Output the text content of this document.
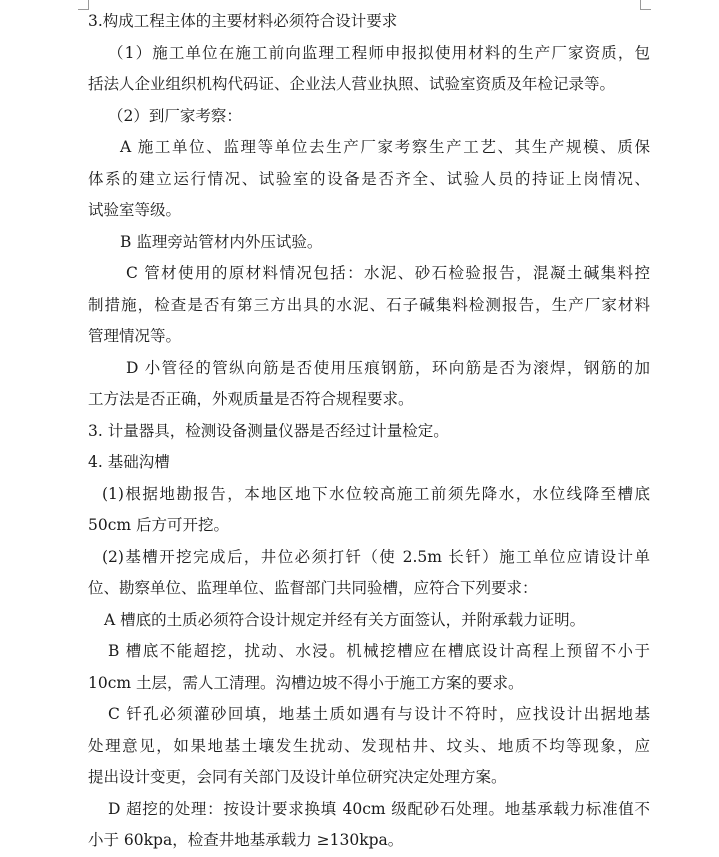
3.构成工程主体的主要材料必须符合设计要求
（1）施工单位在施工前向监理工程师申报拟使用材料的生产厂家资质，包
括法人企业组织机构代码证、企业法人营业执照、试验室资质及年检记录等。
（2）到厂家考察：
A 施工单位、监理等单位去生产厂家考察生产工艺、其生产规模、质保
体系的建立运行情况、试验室的设备是否齐全、试验人员的持证上岗情况、
试验室等级。
B 监理旁站管材内外压试验。
C 管材使用的原材料情况包括：水泥、砂石检验报告，混凝土碱集料控
制措施，检查是否有第三方出具的水泥、石子碱集料检测报告，生产厂家材料
管理情况等。
D 小管径的管纵向筋是否使用压痕钢筋，环向筋是否为滚焊，钢筋的加
工方法是否正确，外观质量是否符合规程要求。
3. 计量器具，检测设备测量仪器是否经过计量检定。
4. 基础沟槽
(1)根据地勘报告，本地区地下水位较高施工前须先降水，水位线降至槽底
50cm 后方可开挖。
(2)基槽开挖完成后，井位必须打钎（使 2.5m 长钎）施工单位应请设计单
位、勘察单位、监理单位、监督部门共同验槽，应符合下列要求：
A 槽底的土质必须符合设计规定并经有关方面签认，并附承载力证明。
B 槽底不能超挖，扰动、水浸。机械挖槽应在槽底设计高程上预留不小于
10cm 土层，需人工清理。沟槽边坡不得小于施工方案的要求。
C 钎孔必须灌砂回填，地基土质如遇有与设计不符时，应找设计出据地基
处理意见，如果地基土壤发生扰动、发现枯井、坟头、地质不均等现象，应
提出设计变更，会同有关部门及设计单位研究决定处理方案。
D 超挖的处理：按设计要求换填 40cm 级配砂石处理。地基承载力标准值不
小于 60kpa，检查井地基承载力 ≥130kpa。
